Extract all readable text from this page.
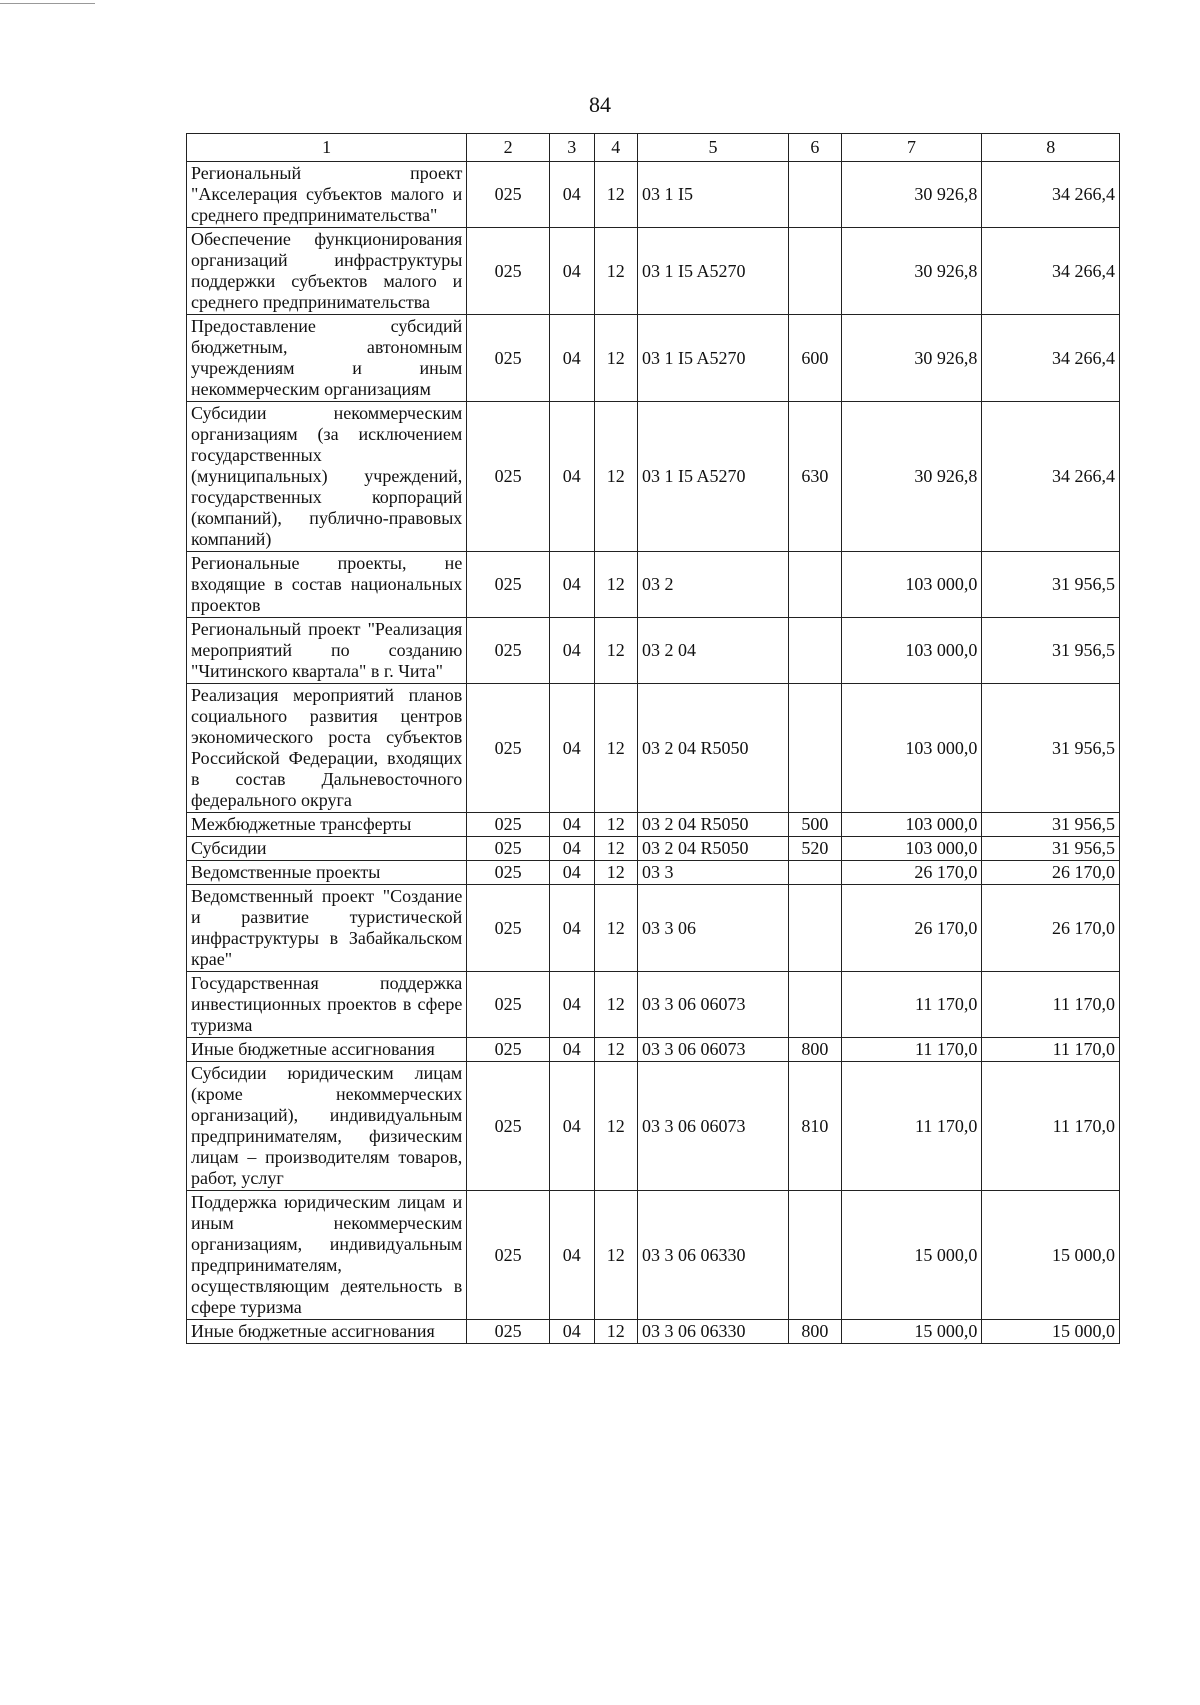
84
1	2	3	4	5	6	7	8
Региональный проект "Акселерация субъектов малого и среднего предпринимательства"	025	04	12	03 1 I5		30 926,8	34 266,4
Обеспечение функционирования организаций инфраструктуры поддержки субъектов малого и среднего предпринимательства	025	04	12	03 1 I5 A5270		30 926,8	34 266,4
Предоставление субсидий бюджетным, автономным учреждениям и иным некоммерческим организациям	025	04	12	03 1 I5 A5270	600	30 926,8	34 266,4
Субсидии некоммерческим организациям (за исключением государственных (муниципальных) учреждений, государственных корпораций (компаний), публично-правовых компаний)	025	04	12	03 1 I5 A5270	630	30 926,8	34 266,4
Региональные проекты, не входящие в состав национальных проектов	025	04	12	03 2		103 000,0	31 956,5
Региональный проект "Реализация мероприятий по созданию "Читинского квартала" в г. Чита"	025	04	12	03 2 04		103 000,0	31 956,5
Реализация мероприятий планов социального развития центров экономического роста субъектов Российской Федерации, входящих в состав Дальневосточного федерального округа	025	04	12	03 2 04 R5050		103 000,0	31 956,5
Межбюджетные трансферты	025	04	12	03 2 04 R5050	500	103 000,0	31 956,5
Субсидии	025	04	12	03 2 04 R5050	520	103 000,0	31 956,5
Ведомственные проекты	025	04	12	03 3		26 170,0	26 170,0
Ведомственный проект "Создание и развитие туристической инфраструктуры в Забайкальском крае"	025	04	12	03 3 06		26 170,0	26 170,0
Государственная поддержка инвестиционных проектов в сфере туризма	025	04	12	03 3 06 06073		11 170,0	11 170,0
Иные бюджетные ассигнования	025	04	12	03 3 06 06073	800	11 170,0	11 170,0
Субсидии юридическим лицам (кроме некоммерческих организаций), индивидуальным предпринимателям, физическим лицам – производителям товаров, работ, услуг	025	04	12	03 3 06 06073	810	11 170,0	11 170,0
Поддержка юридическим лицам и иным некоммерческим организациям, индивидуальным предпринимателям, осуществляющим деятельность в сфере туризма	025	04	12	03 3 06 06330		15 000,0	15 000,0
Иные бюджетные ассигнования	025	04	12	03 3 06 06330	800	15 000,0	15 000,0
